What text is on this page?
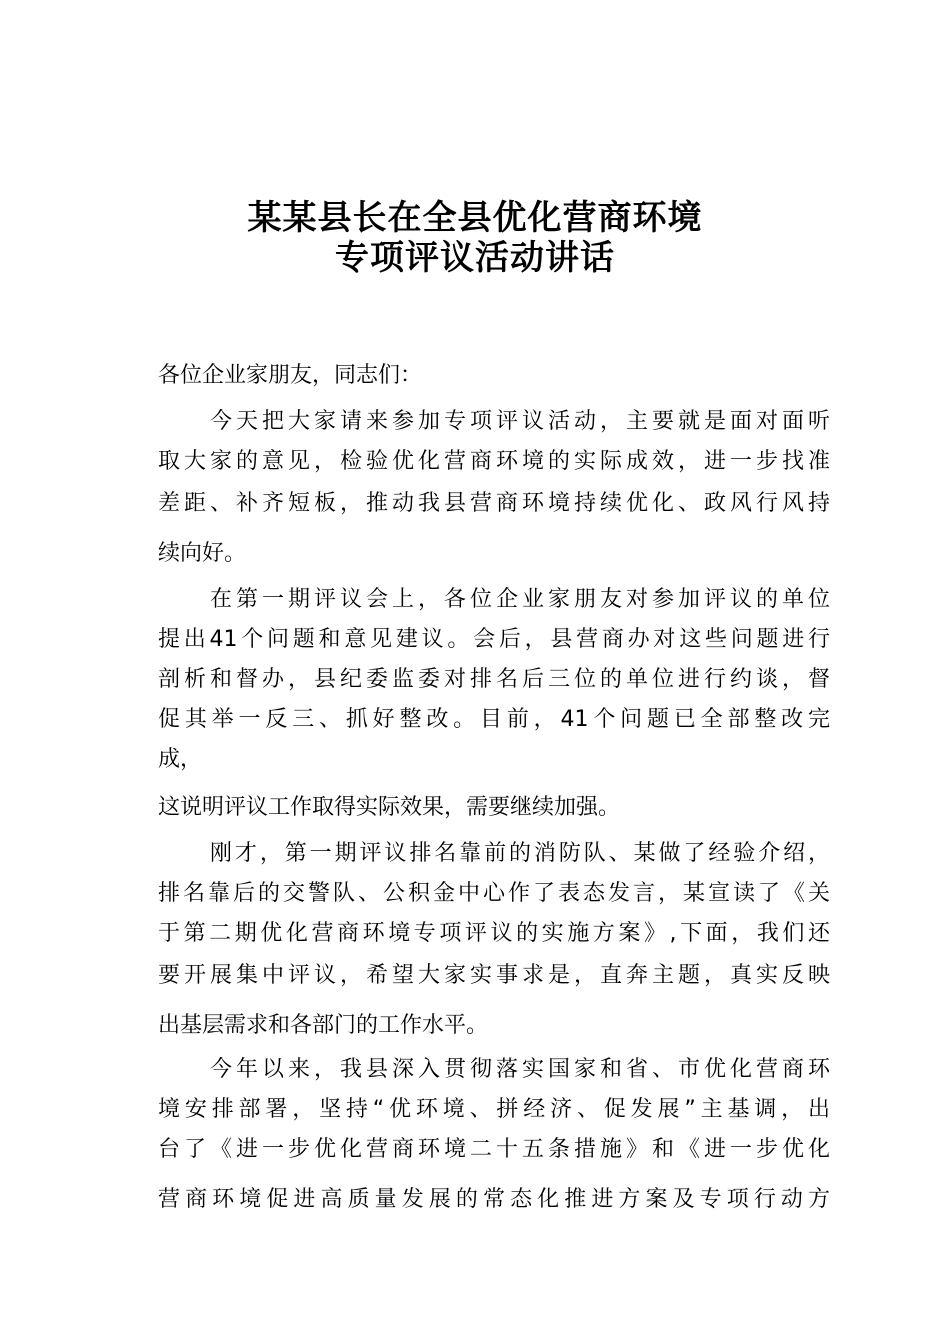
某某县长在全县优化营商环境
专项评议活动讲话
各位企业家朋友，同志们：
今天把大家请来参加专项评议活动，主要就是面对面听
取大家的意见，检验优化营商环境的实际成效，进一步找准
差距、补齐短板，推动我县营商环境持续优化、政风行风持
续向好。
在第一期评议会上，各位企业家朋友对参加评议的单位
提出41个问题和意见建议。会后，县营商办对这些问题进行
剖析和督办，县纪委监委对排名后三位的单位进行约谈，督
促其举一反三、抓好整改。目前，41个问题已全部整改完
成，
这说明评议工作取得实际效果，需要继续加强。
刚才，第一期评议排名靠前的消防队、某做了经验介绍，
排名靠后的交警队、公积金中心作了表态发言，某宣读了《关
于第二期优化营商环境专项评议的实施方案》,下面，我们还
要开展集中评议，希望大家实事求是，直奔主题，真实反映
出基层需求和各部门的工作水平。
今年以来，我县深入贯彻落实国家和省、市优化营商环
境安排部署，坚持“优环境、拼经济、促发展”主基调，出
台了《进一步优化营商环境二十五条措施》和《进一步优化
营商环境促进高质量发展的常态化推进方案及专项行动方
